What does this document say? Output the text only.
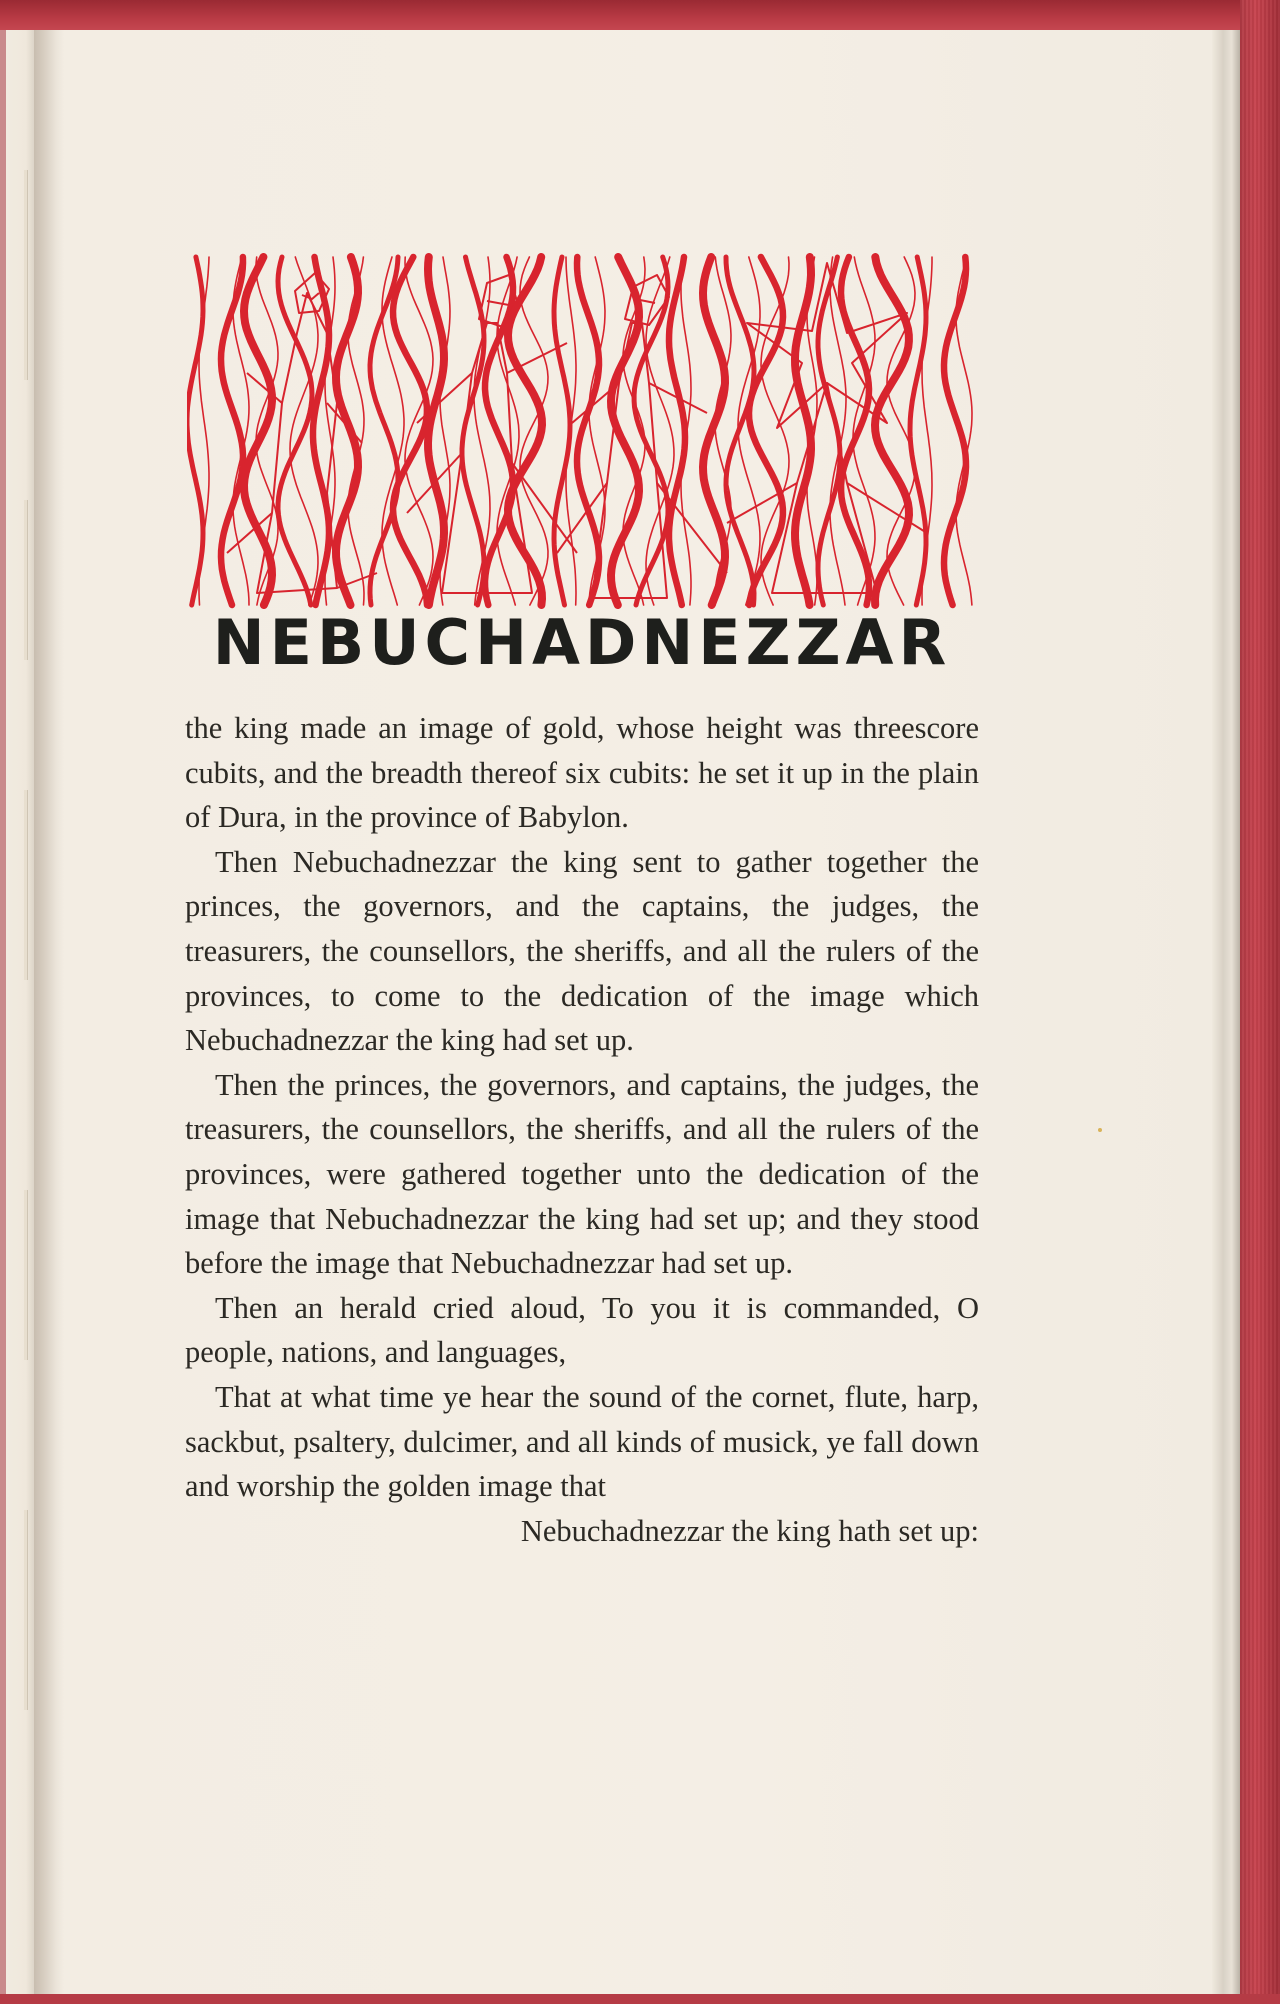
NEBUCHADNEZZAR

the king made an image of gold, whose height was threescore cubits, and the breadth thereof six cubits: he set it up in the plain of Dura, in the province of Babylon.

Then Nebuchadnezzar the king sent to gather together the princes, the governors, and the captains, the judges, the treasurers, the counsellors, the sheriffs, and all the rulers of the provinces, to come to the dedication of the image which Nebuchadnezzar the king had set up.

Then the princes, the governors, and captains, the judges, the treasurers, the counsellors, the sheriffs, and all the rulers of the provinces, were gathered together unto the dedication of the image that Nebuchadnezzar the king had set up; and they stood before the image that Nebuchadnezzar had set up.

Then an herald cried aloud, To you it is commanded, O people, nations, and languages,

That at what time ye hear the sound of the cornet, flute, harp, sackbut, psaltery, dulcimer, and all kinds of musick, ye fall down and worship the golden image that

Nebuchadnezzar the king hath set up:
